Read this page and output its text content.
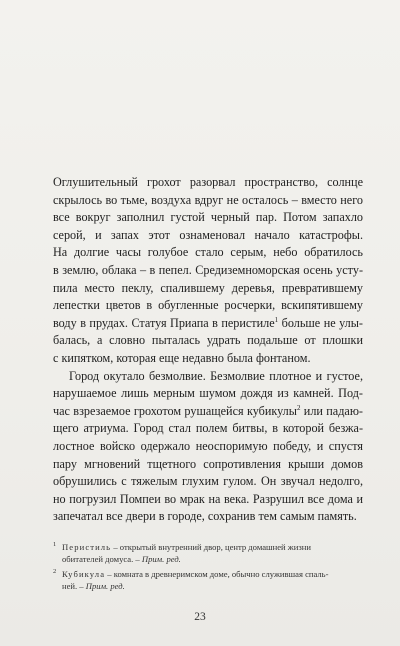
Оглушительный грохот разорвал пространство, солнце
скрылось во тьме, воздуха вдруг не осталось – вместо него
все вокруг заполнил густой черный пар. Потом запахло
серой, и запах этот ознаменовал начало катастрофы.
На долгие часы голубое стало серым, небо обратилось
в землю, облака – в пепел. Средиземноморская осень усту-
пила место пеклу, спалившему деревья, превратившему
лепестки цветов в обугленные росчерки, вскипятившему
воду в прудах. Статуя Приапа в перистиле$^1$ больше не улы-
балась, а словно пыталась удрать подальше от плошки
с кипятком, которая еще недавно была фонтаном.
Город окутало безмолвие. Безмолвие плотное и густое,
нарушаемое лишь мерным шумом дождя из камней. Под-
час взрезаемое грохотом рушащейся кубикулы$^2$ или падаю-
щего атриума. Город стал полем битвы, в которой безжа-
лостное войско одержало неоспоримую победу, и спустя
пару мгновений тщетного сопротивления крыши домов
обрушились с тяжелым глухим гулом. Он звучал недолго,
но погрузил Помпеи во мрак на века. Разрушил все дома и
запечатал все двери в городе, сохранив тем самым память.
1 Перистиль – открытый внутренний двор, центр домашней жизни
обитателей домуса. – Прим. ред.
2 Кубикула – комната в древнеримском доме, обычно служившая спаль-
ней. – Прим. ред.
23
